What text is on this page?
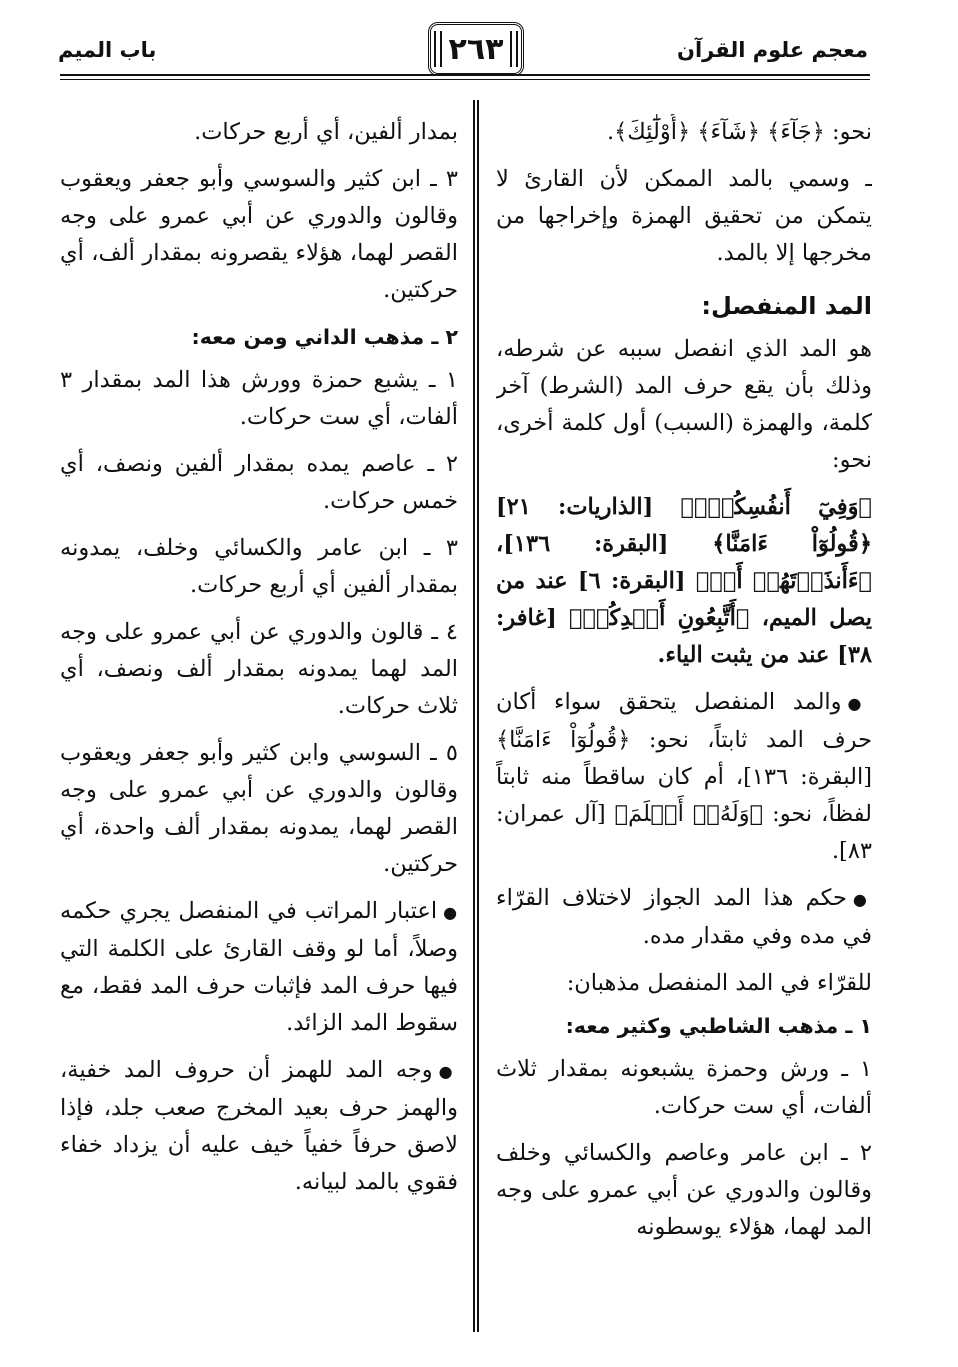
معجم علوم القرآن
٢٦٣
باب الميم

نحو: ﴿جَآءَ﴾ ﴿شَآءَ﴾ ﴿أُوْلَٰٓئِكَ﴾.

ـ وسمي بالمد الممكن لأن القارئ لا يتمكن من تحقيق الهمزة وإخراجها من مخرجها إلا بالمد.

المد المنفصل:

هو المد الذي انفصل سببه عن شرطه، وذلك بأن يقع حرف المد (الشرط) آخر كلمة، والهمزة (السبب) أول كلمة أخرى، نحو:

﴿وَفِيٓ أَنفُسِكُمۡۚ﴾ [الذاريات: ٢١] ﴿قُولُوٓاْ ءَامَنَّا﴾ [البقرة: ١٣٦]، ﴿ءَأَنذَرۡتَهُمۡ أَمۡ﴾ [البقرة: ٦] عند من يصل الميم، ﴿أَتَّبِعُونِ أَهۡدِكُمۡ﴾ [غافر: ٣٨] عند من يثبت الياء.

●والمد المنفصل يتحقق سواء أكان حرف المد ثابتاً، نحو: ﴿قُولُوٓاْ ءَامَنَّا﴾ [البقرة: ١٣٦]، أم كان ساقطاً منه ثابتاً لفظاً، نحو: ﴿وَلَهُۥٓ أَسۡلَمَ﴾ [آل عمران: ٨٣].

●حكم هذا المد الجواز لاختلاف القرّاء في مده وفي مقدار مده.

للقرّاء في المد المنفصل مذهبان:

١ ـ مذهب الشاطبي وكثير معه:

١ ـ ورش وحمزة يشبعونه بمقدار ثلاث ألفات، أي ست حركات.

٢ ـ ابن عامر وعاصم والكسائي وخلف وقالون والدوري عن أبي عمرو على وجه المد لهما، هؤلاء يوسطونه

بمدار ألفين، أي أربع حركات.

٣ ـ ابن كثير والسوسي وأبو جعفر ويعقوب وقالون والدوري عن أبي عمرو على وجه القصر لهما، هؤلاء يقصرونه بمقدار ألف، أي حركتين.

٢ ـ مذهب الداني ومن معه:

١ ـ يشبع حمزة وورش هذا المد بمقدار ٣ ألفات، أي ست حركات.

٢ ـ عاصم يمده بمقدار ألفين ونصف، أي خمس حركات.

٣ ـ ابن عامر والكسائي وخلف، يمدونه بمقدار ألفين أي أربع حركات.

٤ ـ قالون والدوري عن أبي عمرو على وجه المد لهما يمدونه بمقدار ألف ونصف، أي ثلاث حركات.

٥ ـ السوسي وابن كثير وأبو جعفر ويعقوب وقالون والدوري عن أبي عمرو على وجه القصر لهما، يمدونه بمقدار ألف واحدة، أي حركتين.

●اعتبار المراتب في المنفصل يجري حكمه وصلاً، أما لو وقف القارئ على الكلمة التي فيها حرف المد فإثبات حرف المد فقط، مع سقوط المد الزائد.

●وجه المد للهمز أن حروف المد خفية، والهمز حرف بعيد المخرج صعب جلد، فإذا لاصق حرفاً خفياً خيف عليه أن يزداد خفاء فقوي بالمد لبيانه.
